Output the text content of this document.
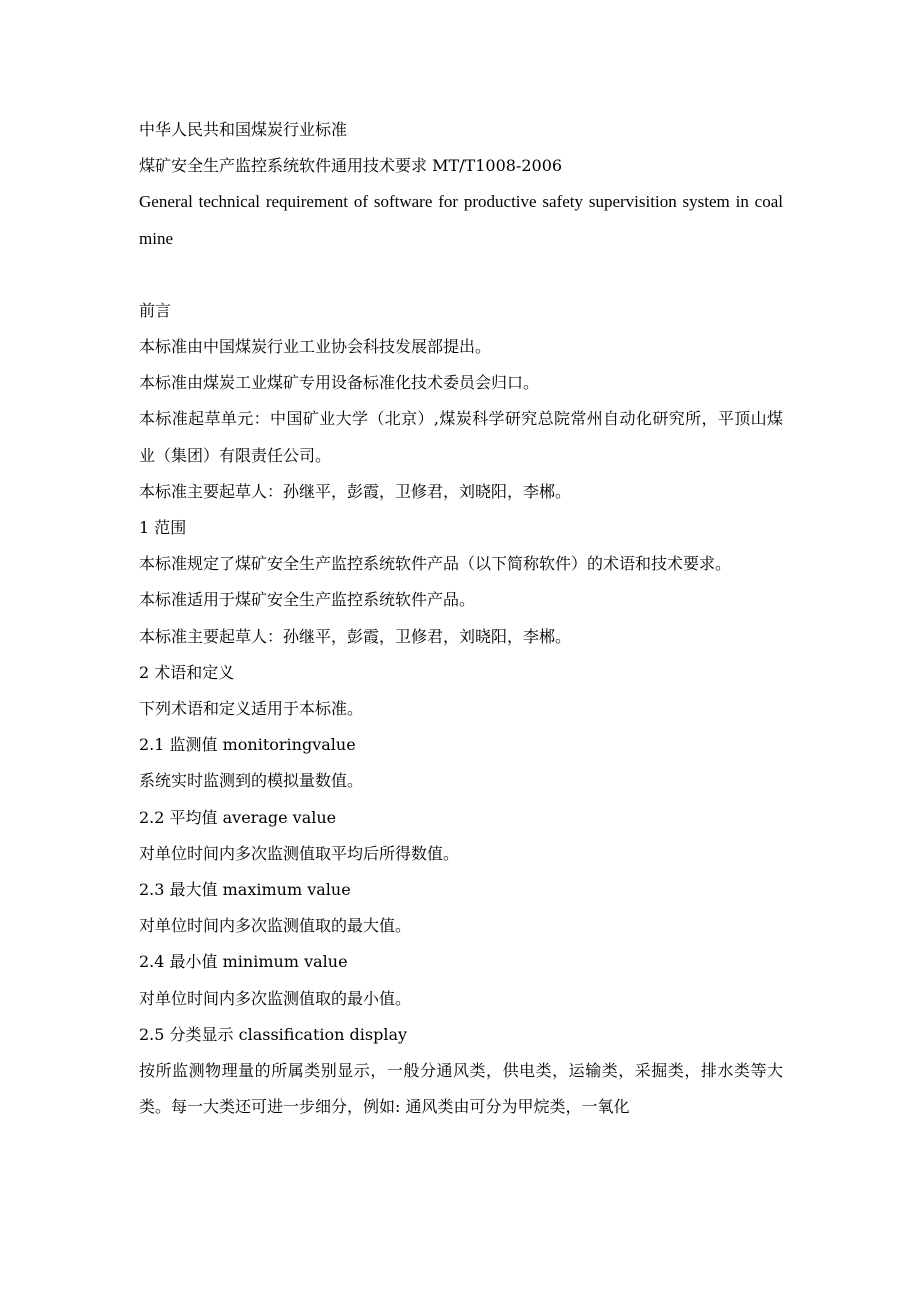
中华人民共和国煤炭行业标准

煤矿安全生产监控系统软件通用技术要求 MT/T1008-2006

General technical requirement of software for productive safety supervisition system in coal mine

前言

本标准由中国煤炭行业工业协会科技发展部提出。

本标准由煤炭工业煤矿专用设备标准化技术委员会归口。

本标准起草单元：中国矿业大学（北京）,煤炭科学研究总院常州自动化研究所，平顶山煤业（集团）有限责任公司。

本标准主要起草人：孙继平，彭霞，卫修君，刘晓阳，李郴。

1 范围

本标准规定了煤矿安全生产监控系统软件产品（以下简称软件）的术语和技术要求。

本标准适用于煤矿安全生产监控系统软件产品。

本标准主要起草人：孙继平，彭霞，卫修君，刘晓阳，李郴。

2 术语和定义

下列术语和定义适用于本标准。

2.1 监测值 monitoringvalue

系统实时监测到的模拟量数值。

2.2 平均值 average value

对单位时间内多次监测值取平均后所得数值。

2.3 最大值 maximum value

对单位时间内多次监测值取的最大值。

2.4 最小值 minimum value

对单位时间内多次监测值取的最小值。

2.5 分类显示 classification display

按所监测物理量的所属类别显示，一般分通风类，供电类，运输类，采掘类，排水类等大类。每一大类还可进一步细分，例如: 通风类由可分为甲烷类，一氧化
